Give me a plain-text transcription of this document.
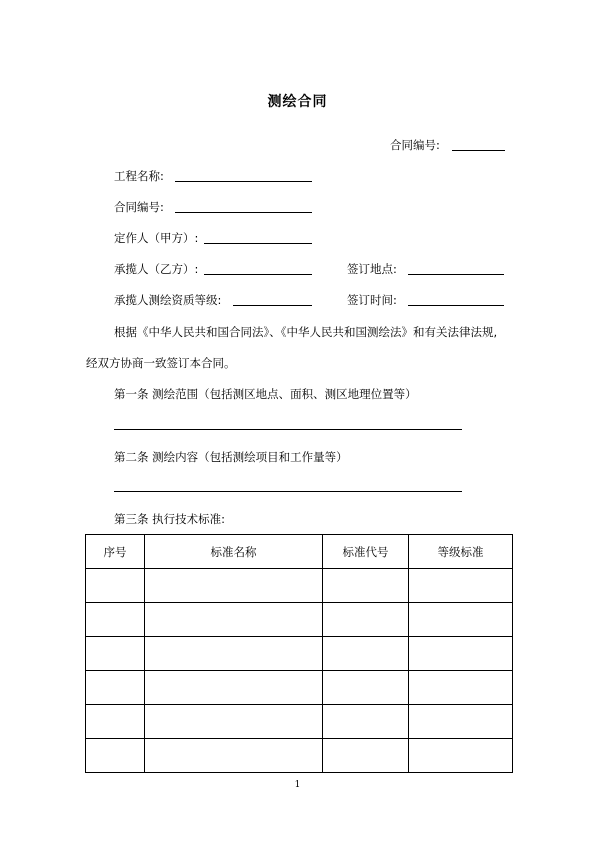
测绘合同
合同编号:
工程名称:
合同编号:
定作人（甲方）:
承揽人（乙方）:	签订地点:
承揽人测绘资质等级:	签订时间:
根据《中华人民共和国合同法》、《中华人民共和国测绘法》和有关法律法规,
经双方协商一致签订本合同。
第一条 测绘范围（包括测区地点、面积、测区地理位置等）
第二条 测绘内容（包括测绘项目和工作量等）
第三条 执行技术标准:
序号	标准名称	标准代号	等级标准

1
